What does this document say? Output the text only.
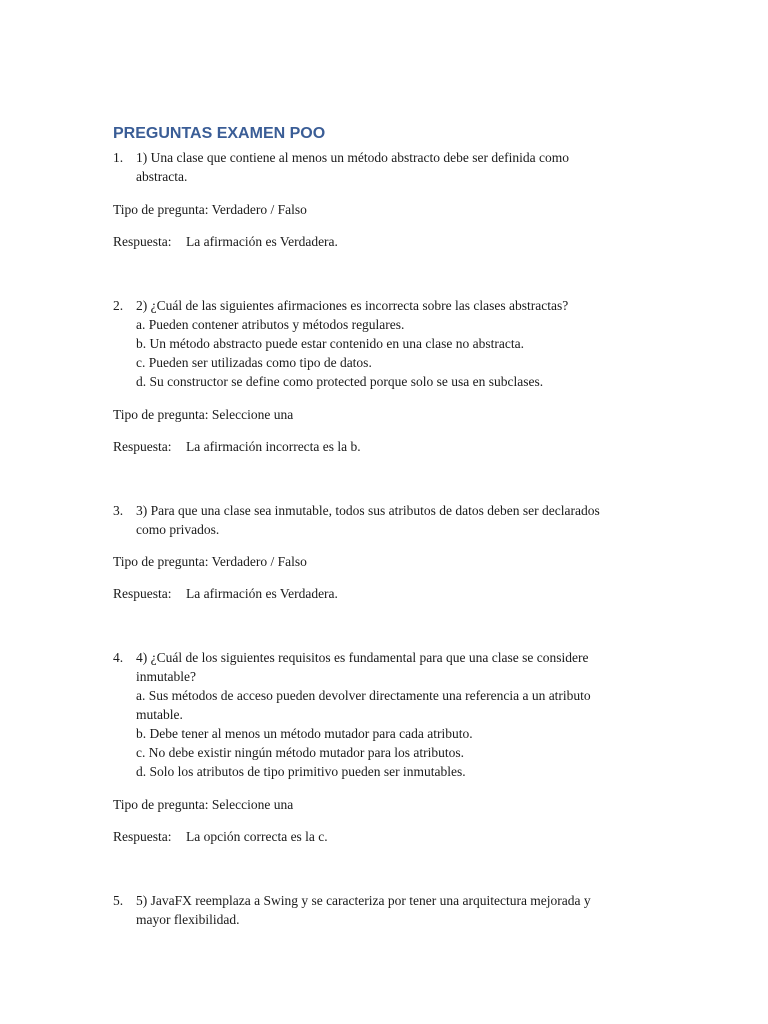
PREGUNTAS EXAMEN POO
1. 1) Una clase que contiene al menos un método abstracto debe ser definida como
abstracta.
Tipo de pregunta: Verdadero / Falso
Respuesta: La afirmación es Verdadera.
2. 2) ¿Cuál de las siguientes afirmaciones es incorrecta sobre las clases abstractas?
a. Pueden contener atributos y métodos regulares.
b. Un método abstracto puede estar contenido en una clase no abstracta.
c. Pueden ser utilizadas como tipo de datos.
d. Su constructor se define como protected porque solo se usa en subclases.
Tipo de pregunta: Seleccione una
Respuesta: La afirmación incorrecta es la b.
3. 3) Para que una clase sea inmutable, todos sus atributos de datos deben ser declarados
como privados.
Tipo de pregunta: Verdadero / Falso
Respuesta: La afirmación es Verdadera.
4. 4) ¿Cuál de los siguientes requisitos es fundamental para que una clase se considere
inmutable?
a. Sus métodos de acceso pueden devolver directamente una referencia a un atributo
mutable.
b. Debe tener al menos un método mutador para cada atributo.
c. No debe existir ningún método mutador para los atributos.
d. Solo los atributos de tipo primitivo pueden ser inmutables.
Tipo de pregunta: Seleccione una
Respuesta: La opción correcta es la c.
5. 5) JavaFX reemplaza a Swing y se caracteriza por tener una arquitectura mejorada y
mayor flexibilidad.
